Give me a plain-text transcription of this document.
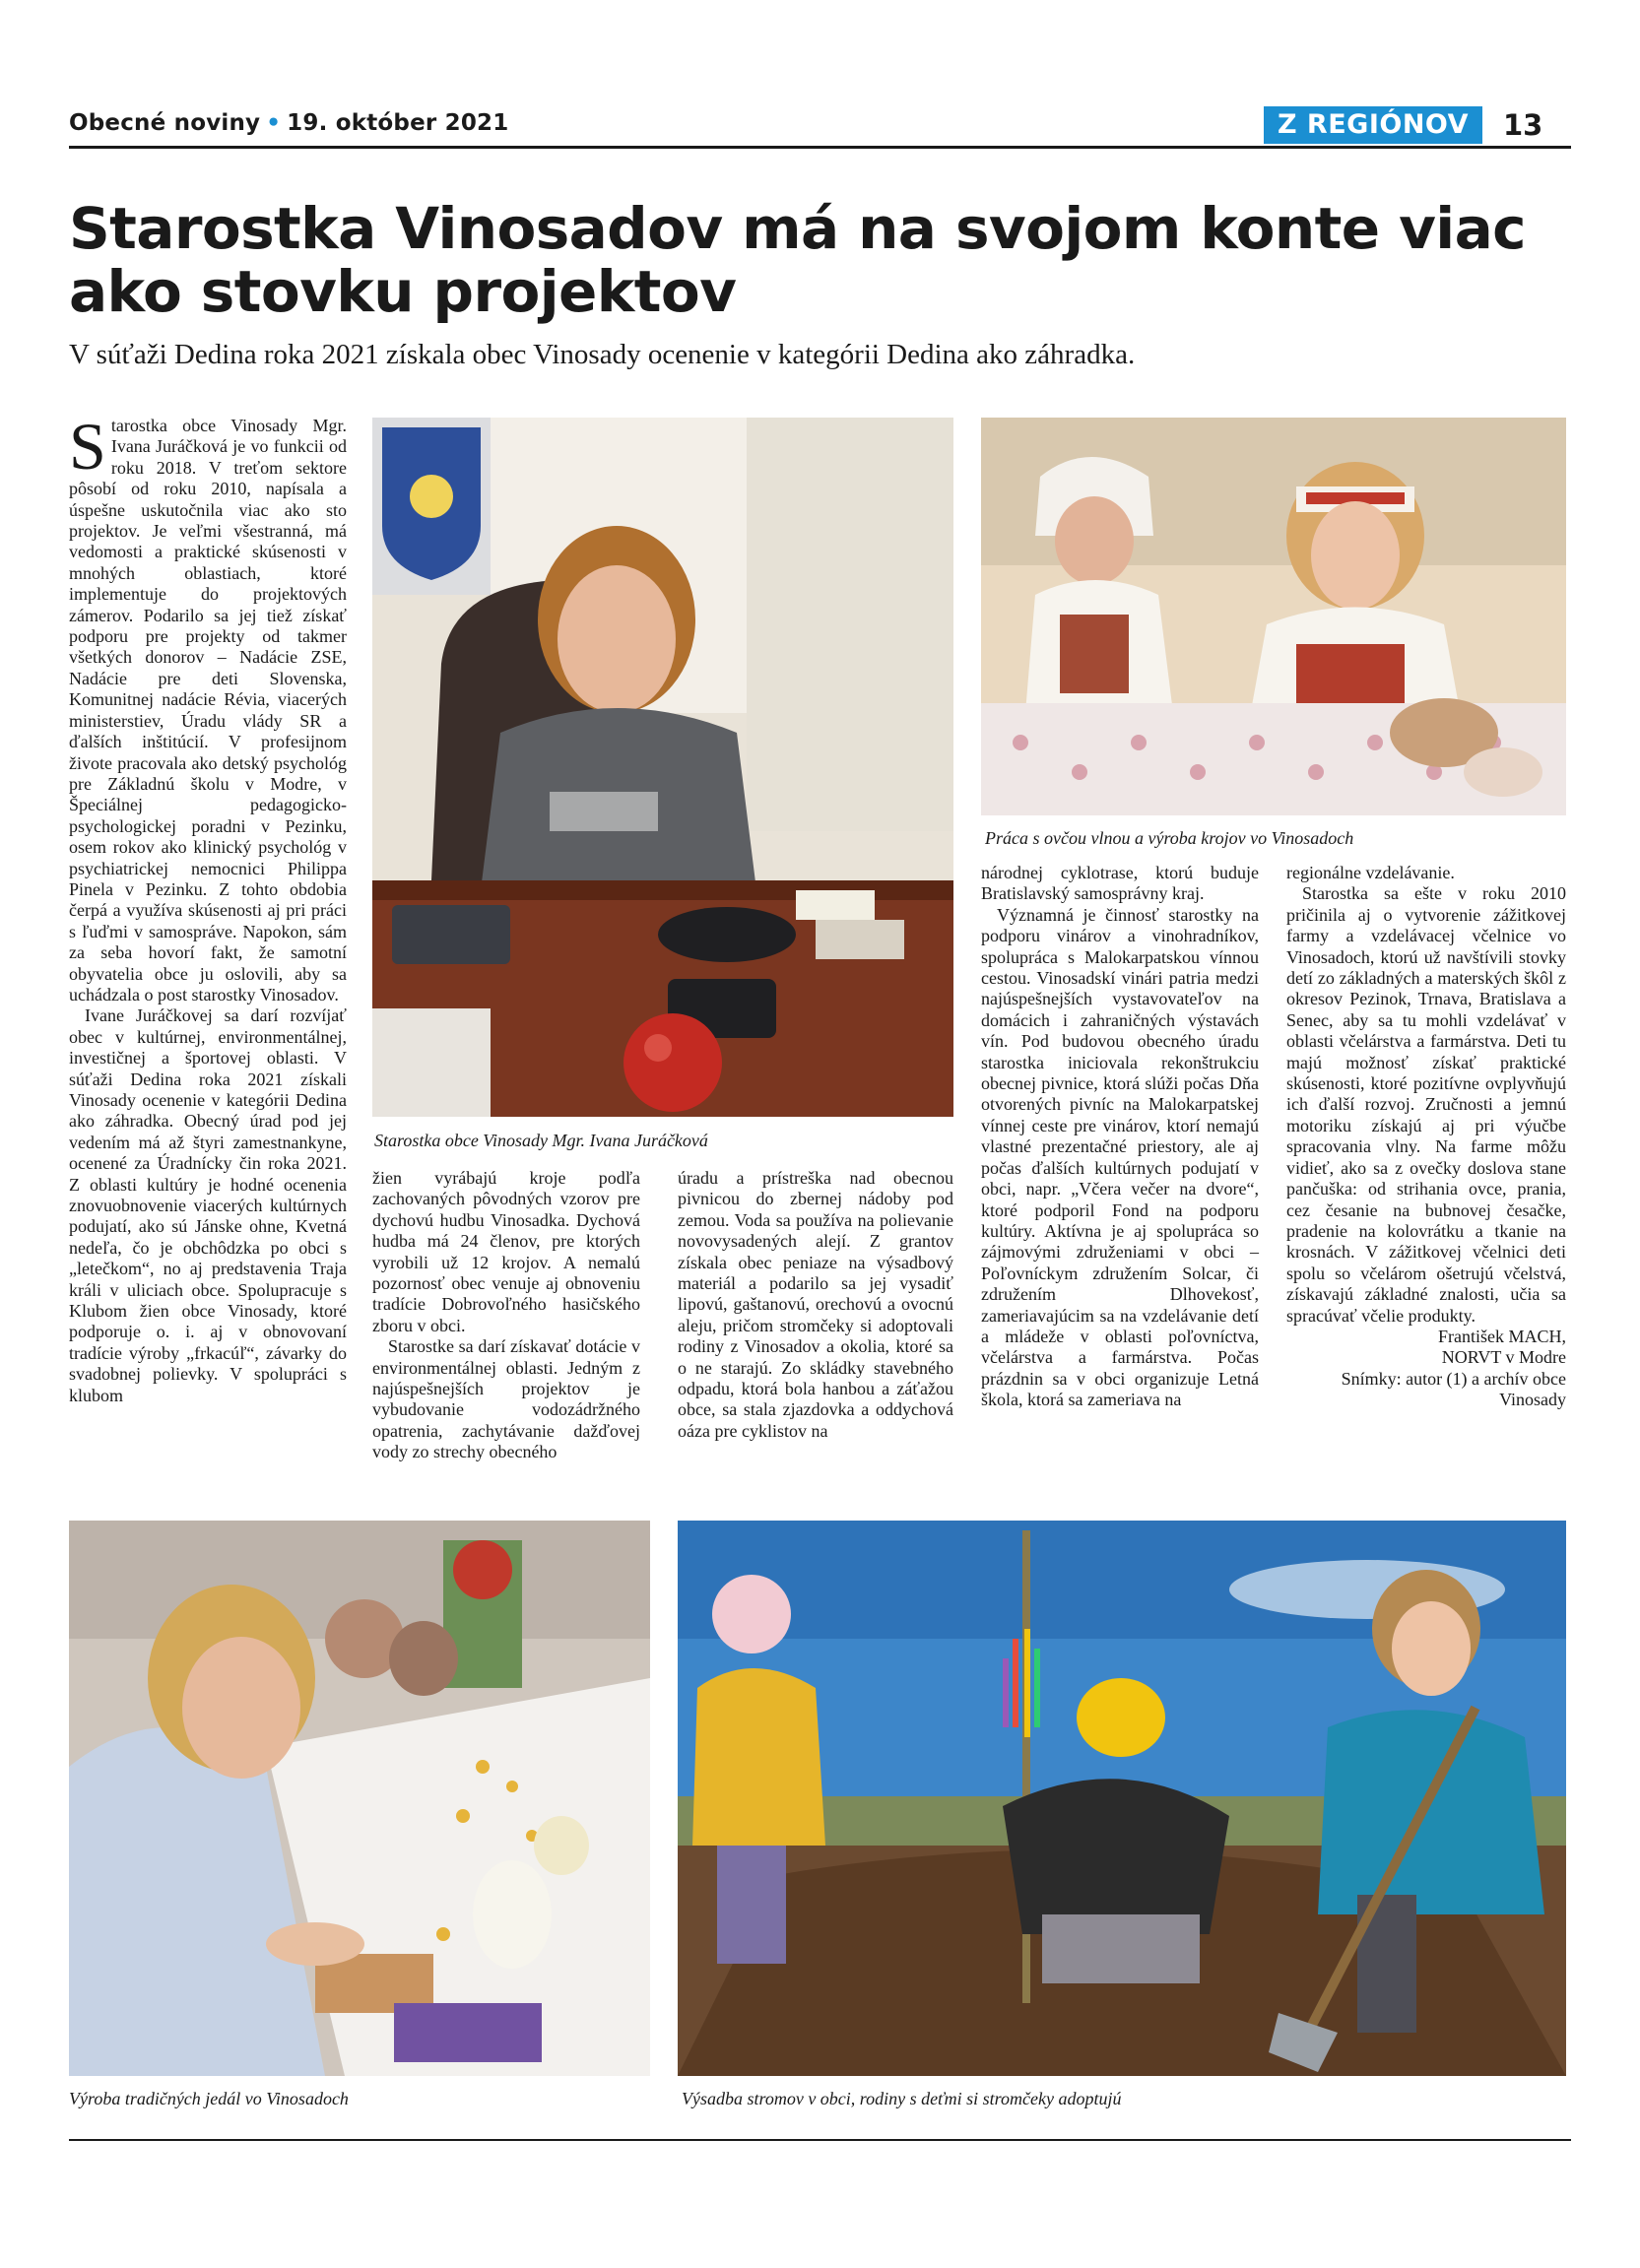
Obecné noviny • 19. október 2021	Z REGIÓNOV	13
Starostka Vinosadov má na svojom konte viac ako stovku projektov

V súťaži Dedina roka 2021 získala obec Vinosady ocenenie v kategórii Dedina ako záhradka.

Starostka obce Vinosady Mgr. Ivana Juráčková je vo funkcii od roku 2018. V treťom sektore pôsobí od roku 2010, napísala a úspešne uskutočnila viac ako sto projektov. Je veľmi všestranná, má vedomosti a praktické skúsenosti v mnohých oblastiach, ktoré implementuje do projektových zámerov. Podarilo sa jej tiež získať podporu pre projekty od takmer všetkých donorov – Nadácie ZSE, Nadácie pre deti Slovenska, Komunitnej nadácie Révia, viacerých ministerstiev, Úradu vlády SR a ďalších inštitúcií. V profesijnom živote pracovala ako detský psychológ pre Základnú školu v Modre, v Špeciálnej pedagogicko-psychologickej poradni v Pezinku, osem rokov ako klinický psychológ v psychiatrickej nemocnici Philippa Pinela v Pezinku. Z tohto obdobia čerpá a využíva skúsenosti aj pri práci s ľuďmi v samospráve. Napokon, sám za seba hovorí fakt, že samotní obyvatelia obce ju oslovili, aby sa uchádzala o post starostky Vinosadov.

Ivane Juráčkovej sa darí rozvíjať obec v kultúrnej, environmentálnej, investičnej a športovej oblasti. V súťaži Dedina roka 2021 získali Vinosady ocenenie v kategórii Dedina ako záhradka. Obecný úrad pod jej vedením má až štyri zamestnankyne, ocenené za Úradnícky čin roka 2021. Z oblasti kultúry je hodné ocenenia znovuobnovenie viacerých kultúrnych podujatí, ako sú Jánske ohne, Kvetná nedeľa, čo je obchôdzka po obci s „letečkom“, no aj predstavenia Traja králi v uliciach obce. Spolupracuje s Klubom žien obce Vinosady, ktoré podporuje o. i. aj v obnovovaní tradície výroby „frkacúľ“, závarky do svadobnej polievky. V spolupráci s klubom

Starostka obce Vinosady Mgr. Ivana Juráčková
Práca s ovčou vlnou a výroba krojov vo Vinosadoch

žien vyrábajú kroje podľa zachovaných pôvodných vzorov pre dychovú hudbu Vinosadka. Dychová hudba má 24 členov, pre ktorých vyrobili už 12 krojov. A nemalú pozornosť obec venuje aj obnoveniu tradície Dobrovoľného hasičského zboru v obci.

Starostke sa darí získavať dotácie v environmentálnej oblasti. Jedným z najúspešnejších projektov je vybudovanie vodozádržného opatrenia, zachytávanie dažďovej vody zo strechy obecného

úradu a prístreška nad obecnou pivnicou do zbernej nádoby pod zemou. Voda sa používa na polievanie novovysadených alejí. Z grantov získala obec peniaze na výsadbový materiál a podarilo sa jej vysadiť lipovú, gaštanovú, orechovú a ovocnú aleju, pričom stromčeky si adoptovali rodiny z Vinosadov a okolia, ktoré sa o ne starajú. Zo skládky stavebného odpadu, ktorá bola hanbou a záťažou obce, sa stala zjazdovka a oddychová oáza pre cyklistov na

národnej cyklotrase, ktorú buduje Bratislavský samosprávny kraj.

Významná je činnosť starostky na podporu vinárov a vinohradníkov, spolupráca s Malokarpatskou vínnou cestou. Vinosadskí vinári patria medzi najúspešnejších vystavovateľov na domácich i zahraničných výstavách vín. Pod budovou obecného úradu starostka iniciovala rekonštrukciu obecnej pivnice, ktorá slúži počas Dňa otvorených pivníc na Malokarpatskej vínnej ceste pre vinárov, ktorí nemajú vlastné prezentačné priestory, ale aj počas ďalších kultúrnych podujatí v obci, napr. „Včera večer na dvore“, ktoré podporil Fond na podporu kultúry. Aktívna je aj spolupráca so zájmovými združeniami v obci – Poľovníckym združením Solcar, či združením Dlhovekosť, zameriavajúcim sa na vzdelávanie detí a mládeže v oblasti poľovníctva, včelárstva a farmárstva. Počas prázdnin sa v obci organizuje Letná škola, ktorá sa zameriava na

regionálne vzdelávanie.

Starostka sa ešte v roku 2010 pričinila aj o vytvorenie zážitkovej farmy a vzdelávacej včelnice vo Vinosadoch, ktorú už navštívili stovky detí zo základných a materských škôl z okresov Pezinok, Trnava, Bratislava a Senec, aby sa tu mohli vzdelávať v oblasti včelárstva a farmárstva. Deti tu majú možnosť získať praktické skúsenosti, ktoré pozitívne ovplyvňujú ich ďalší rozvoj. Zručnosti a jemnú motoriku získajú aj pri výučbe spracovania vlny. Na farme môžu vidieť, ako sa z ovečky doslova stane pančuška: od strihania ovce, prania, cez česanie na bubnovej česačke, pradenie na kolovrátku a tkanie na krosnách. V zážitkovej včelnici deti spolu so včelárom ošetrujú včelstvá, získavajú základné znalosti, učia sa spracúvať včelie produkty.

František MACH,

NORVT v Modre

Snímky: autor (1) a archív obce Vinosady

Výroba tradičných jedál vo Vinosadoch	Výsadba stromov v obci, rodiny s deťmi si stromčeky adoptujú
